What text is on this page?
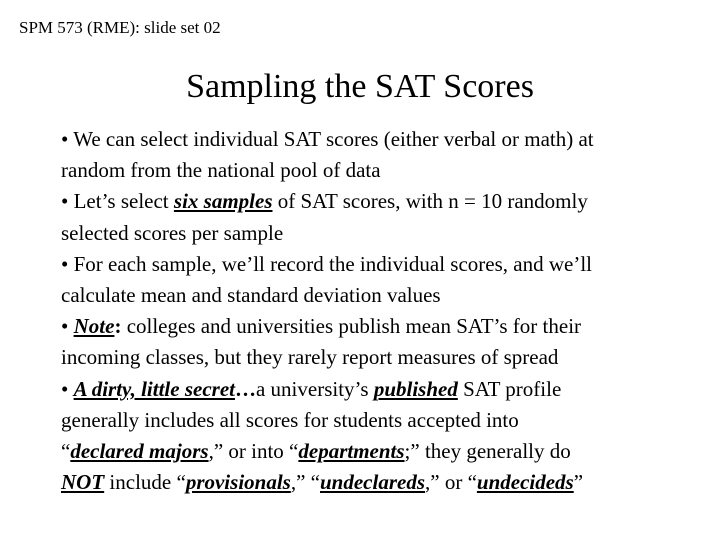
SPM 573 (RME): slide set 02
Sampling the SAT Scores
• We can select individual SAT scores (either verbal or math) at
random from the national pool of data
• Let’s select six samples of SAT scores, with n = 10 randomly
selected scores per sample
• For each sample, we’ll record the individual scores, and we’ll
calculate mean and standard deviation values
• Note: colleges and universities publish mean SAT’s for their
incoming classes, but they rarely report measures of spread
• A dirty, little secret…a university’s published SAT profile
generally includes all scores for students accepted into
“declared majors,” or into “departments;” they generally do
NOT include “provisionals,” “undeclareds,” or “undecideds”
